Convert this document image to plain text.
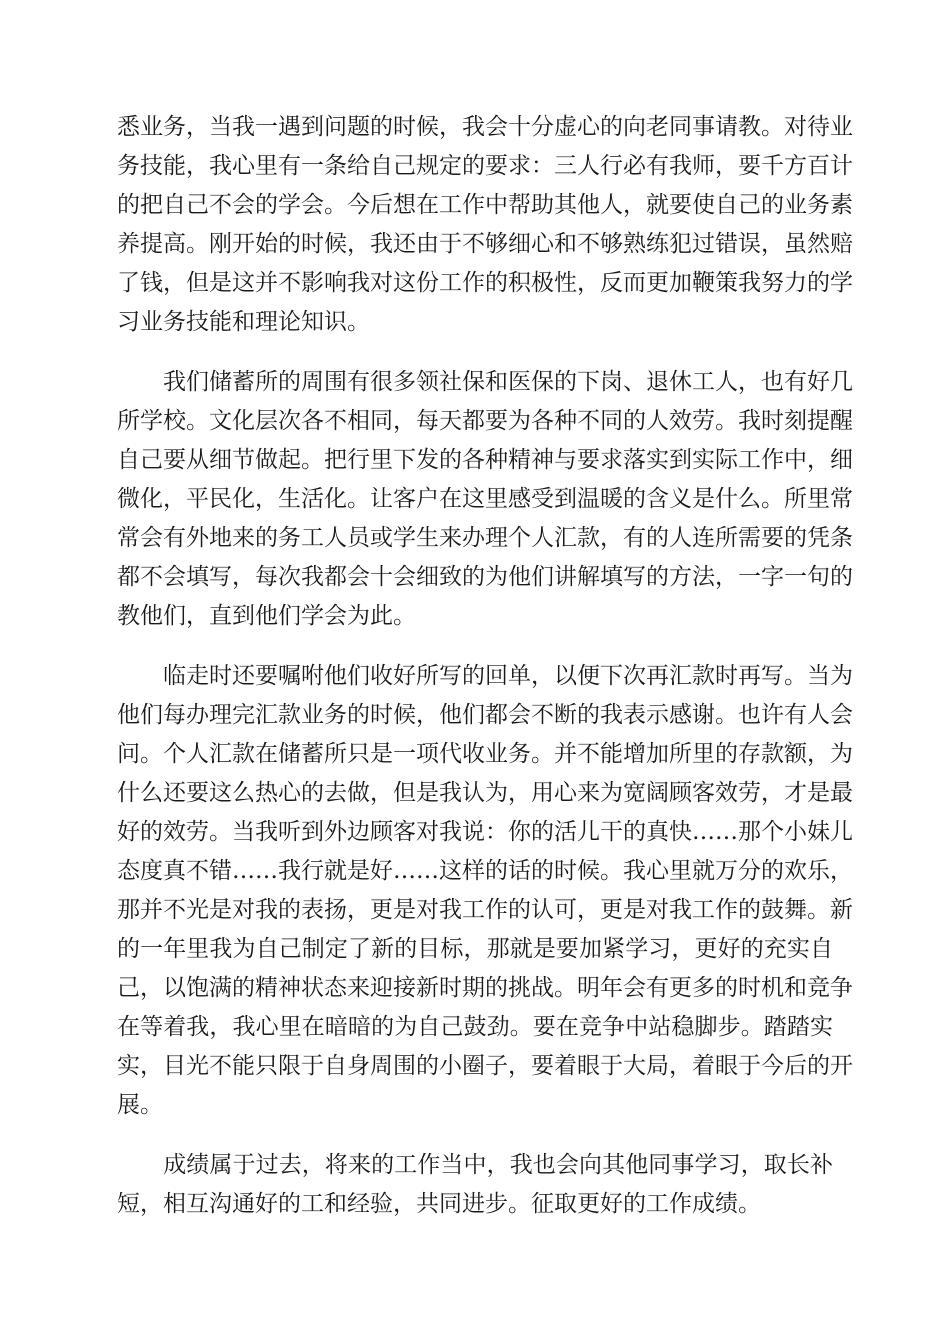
悉业务，当我一遇到问题的时候，我会十分虚心的向老同事请教。对待业
务技能，我心里有一条给自己规定的要求：三人行必有我师，要千方百计
的把自己不会的学会。今后想在工作中帮助其他人，就要使自己的业务素
养提高。刚开始的时候，我还由于不够细心和不够熟练犯过错误，虽然赔
了钱，但是这并不影响我对这份工作的积极性，反而更加鞭策我努力的学
习业务技能和理论知识。
　　我们储蓄所的周围有很多领社保和医保的下岗、退休工人，也有好几
所学校。文化层次各不相同，每天都要为各种不同的人效劳。我时刻提醒
自己要从细节做起。把行里下发的各种精神与要求落实到实际工作中，细
微化，平民化，生活化。让客户在这里感受到温暖的含义是什么。所里常
常会有外地来的务工人员或学生来办理个人汇款，有的人连所需要的凭条
都不会填写，每次我都会十会细致的为他们讲解填写的方法，一字一句的
教他们，直到他们学会为此。
　　临走时还要嘱咐他们收好所写的回单，以便下次再汇款时再写。当为
他们每办理完汇款业务的时候，他们都会不断的我表示感谢。也许有人会
问。个人汇款在储蓄所只是一项代收业务。并不能增加所里的存款额，为
什么还要这么热心的去做，但是我认为，用心来为宽阔顾客效劳，才是最
好的效劳。当我听到外边顾客对我说：你的活儿干的真快……那个小妹儿
态度真不错……我行就是好……这样的话的时候。我心里就万分的欢乐，
那并不光是对我的表扬，更是对我工作的认可，更是对我工作的鼓舞。新
的一年里我为自己制定了新的目标，那就是要加紧学习，更好的充实自
己，以饱满的精神状态来迎接新时期的挑战。明年会有更多的时机和竞争
在等着我，我心里在暗暗的为自己鼓劲。要在竞争中站稳脚步。踏踏实
实，目光不能只限于自身周围的小圈子，要着眼于大局，着眼于今后的开
展。
　　成绩属于过去，将来的工作当中，我也会向其他同事学习，取长补
短，相互沟通好的工和经验，共同进步。征取更好的工作成绩。
